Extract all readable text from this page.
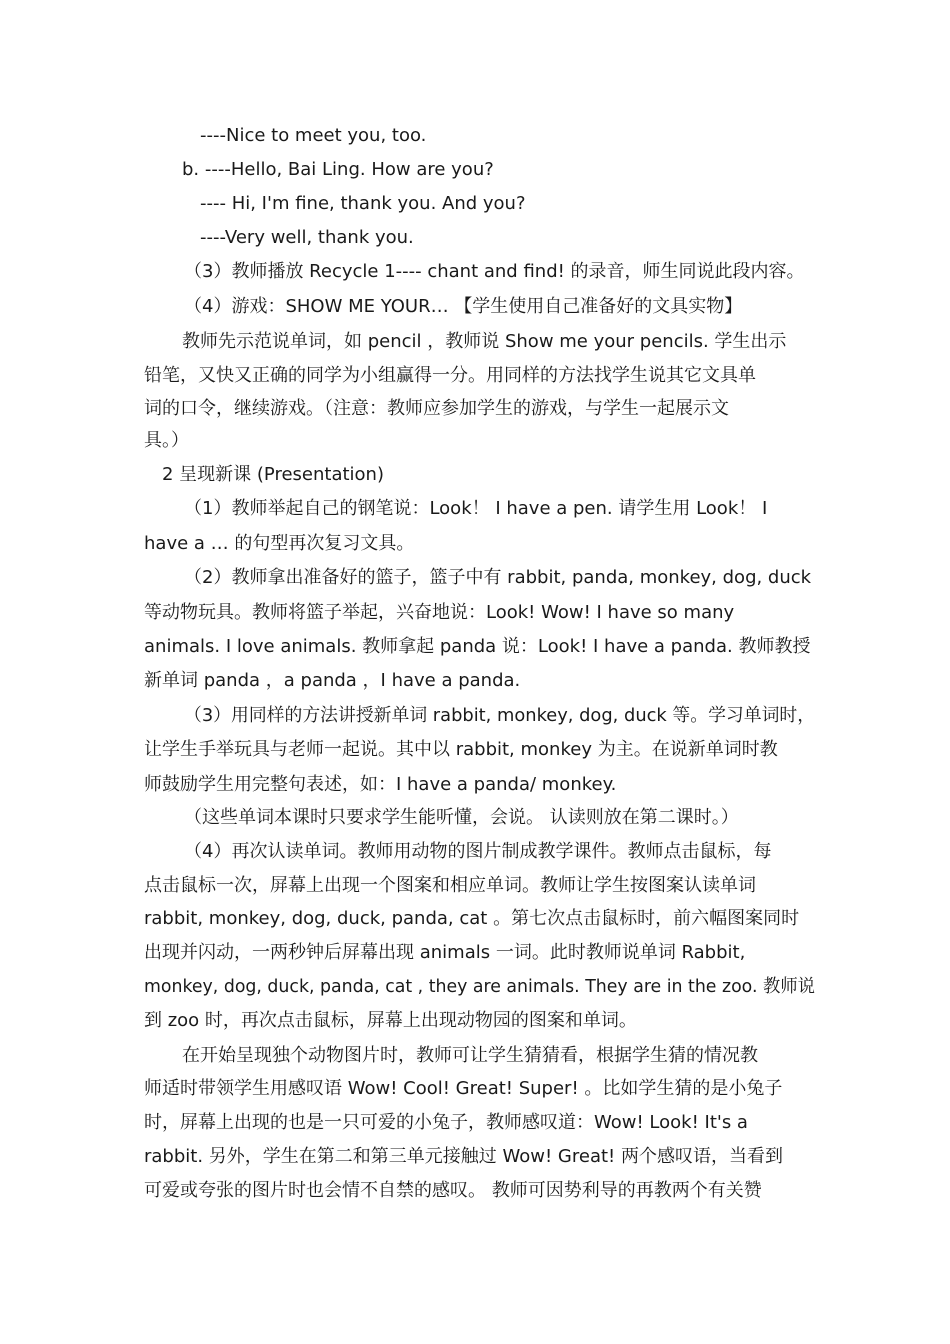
----Nice to meet you, too.
b. ----Hello, Bai Ling. How are you?
---- Hi, I'm fine, thank you. And you?
----Very well, thank you.
（3）教师播放 Recycle 1---- chant and find! 的录音，师生同说此段内容。
（4）游戏：SHOW ME YOUR… 【学生使用自己准备好的文具实物】
教师先示范说单词，如 pencil ，教师说 Show me your pencils. 学生出示
铅笔，又快又正确的同学为小组赢得一分。用同样的方法找学生说其它文具单
词的口令，继续游戏。（注意：教师应参加学生的游戏，与学生一起展示文
具。）
2 呈现新课 (Presentation)
（1）教师举起自己的钢笔说：Look！ I have a pen. 请学生用 Look！ I
have a … 的句型再次复习文具。
（2）教师拿出准备好的篮子，篮子中有 rabbit, panda, monkey, dog, duck
等动物玩具。教师将篮子举起，兴奋地说：Look! Wow! I have so many
animals. I love animals. 教师拿起 panda 说：Look! I have a panda. 教师教授
新单词 panda ，a panda ，I have a panda.
（3）用同样的方法讲授新单词 rabbit, monkey, dog, duck 等。学习单词时，
让学生手举玩具与老师一起说。其中以 rabbit, monkey 为主。在说新单词时教
师鼓励学生用完整句表述，如：I have a panda/ monkey.
（这些单词本课时只要求学生能听懂，会说。 认读则放在第二课时。）
（4）再次认读单词。教师用动物的图片制成教学课件。教师点击鼠标，每
点击鼠标一次，屏幕上出现一个图案和相应单词。教师让学生按图案认读单词
rabbit, monkey, dog, duck, panda, cat 。第七次点击鼠标时，前六幅图案同时
出现并闪动，一两秒钟后屏幕出现 animals 一词。此时教师说单词 Rabbit,
monkey, dog, duck, panda, cat , they are animals. They are in the zoo. 教师说
到 zoo 时，再次点击鼠标，屏幕上出现动物园的图案和单词。
在开始呈现独个动物图片时，教师可让学生猜猜看，根据学生猜的情况教
师适时带领学生用感叹语 Wow! Cool! Great! Super! 。比如学生猜的是小兔子
时，屏幕上出现的也是一只可爱的小兔子，教师感叹道：Wow! Look! It's a
rabbit. 另外，学生在第二和第三单元接触过 Wow! Great! 两个感叹语，当看到
可爱或夸张的图片时也会情不自禁的感叹。 教师可因势利导的再教两个有关赞
